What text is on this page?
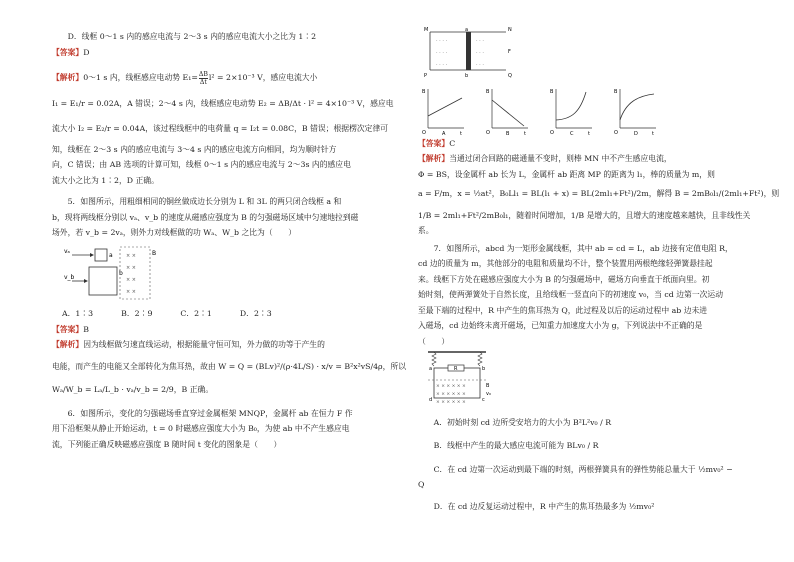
D．线框 0～1 s 内的感应电流与 2～3 s 内的感应电流大小之比为 1∶2

【答案】D

【解析】0～1 s 内，线框感应电动势 $E_1= \frac{\Delta B}{\Delta t} l^2 = 2\times 10^{-3}$ V，感应电流大小

I₁ = E₁/r = 0.02A，A 错误；2～4 s 内，线框感应电动势 E₂ = ΔB/Δt · l² = 4×10⁻³ V，感应电

流大小 I₂ = E₂/r = 0.04A，该过程线框中的电荷量 q = I₂t = 0.08C，B 错误；根据楞次定律可

知，线框在 2～3 s 内的感应电流与 3～4 s 内的感应电流方向相同，均为顺时针方

向，C 错误；由 AB 选项的计算可知，线框 0～1 s 内的感应电流与 2～3s 内的感应电

流大小之比为 1∶2，D 正确。

5．如图所示，用粗细相同的铜丝做成边长分别为 L 和 3L 的两只闭合线框 a 和

b，现将两线框分别以 vₐ、v_b 的速度从磁感应强度为 B 的匀强磁场区域中匀速地拉到磁

场外，若 v_b = 2vₐ，则外力对线框做的功 Wₐ、W_b 之比为（　　）

vₐ
a
v_b
b
× ×
× ×
× ×
× ×
B
A．1∶3	B．2∶9	C．2∶1	D．2∶3

【答案】B

【解析】因为线框做匀速直线运动，根据能量守恒可知，外力做的功等于产生的

电能，而产生的电能又全部转化为焦耳热，故由 W = Q = (BLv)²/(ρ·4L/S) · x/v = B²x²vS/4ρ，所以

Wₐ/W_b = Lₐ/L_b · vₐ/v_b = 2/9，B 正确。

6．如图所示，变化的匀强磁场垂直穿过金属框架 MNQP，金属杆 ab 在恒力 F 作

用下沿框架从静止开始运动，t = 0 时磁感应强度大小为 B₀，为使 ab 中不产生感应电

流，下列能正确反映磁感应强度 B 随时间 t 变化的图象是（　　）

· · · ·
· · · ·
· · · ·
· · ·
· · ·
· · ·
M	N
P	Q
a
b
F
B
t
O	A
B
t
O	B
B
t
O	C
B
t
O	D

【答案】C

【解析】当通过闭合回路的磁通量不变时，则棒 MN 中不产生感应电流，

Φ = BS，设金属杆 ab 长为 L，金属杆 ab 距离 MP 的距离为 l₁，棒的质量为 m，则

a = F/m，x = ½at²，B₀Ll₁ = BL(l₁ + x) = BL(2ml₁+Ft²)/2m，解得 B = 2mB₀l₁/(2ml₁+Ft²)，则

1/B = 2ml₁+Ft²/2mB₀l₁，随着时间增加，1/B 是增大的，且增大的速度越来越快，且非线性关

系。

7．如图所示，abcd 为一矩形金属线框，其中 ab = cd = L，ab 边接有定值电阻 R，

cd 边的质量为 m，其他部分的电阻和质量均不计，整个装置用两根绝缘轻弹簧悬挂起

来。线框下方处在磁感应强度大小为 B 的匀强磁场中，磁场方向垂直于纸面向里。初

始时刻，使两弹簧处于自然长度，且给线框一竖直向下的初速度 v₀，当 cd 边第一次运动

至最下端的过程中，R 中产生的焦耳热为 Q，此过程及以后的运动过程中 ab 边未进

入磁场，cd 边始终未离开磁场，已知重力加速度大小为 g，下列说法中不正确的是

（　　）

R
× × × × × ×
× × × × × ×
× × × × × ×
a	b
d	c
B
v₀

A．初始时刻 cd 边所受安培力的大小为 B²L²v₀ / R

B．线框中产生的最大感应电流可能为 BLv₀ / R

C．在 cd 边第一次运动到最下端的时刻，两根弹簧具有的弹性势能总量大于 ½mv₀² −

Q

D．在 cd 边反复运动过程中，R 中产生的焦耳热最多为 ½mv₀²
